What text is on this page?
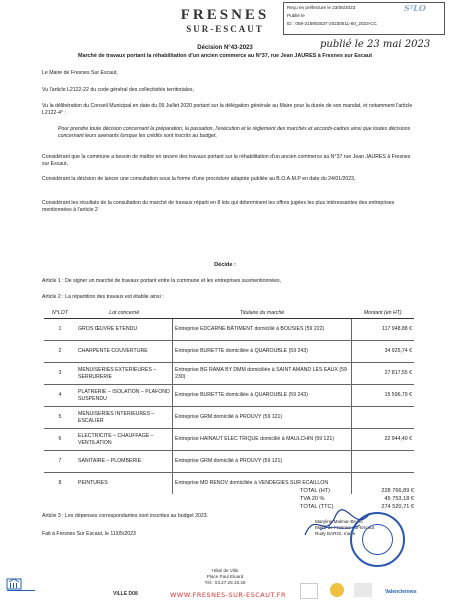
FRESNES
SUR-ESCAUT
Reçu en préfecture le 23/05/2023
Publié le
ID : 059-215902537-20230511-60_2023-CC
S²LO
publié le 23 mai 2023
Décision N°43-2023
Marché de travaux portant la réhabilitation d'un ancien commerce au N°37, rue Jean JAURES à Fresnes sur Escaut
Le Maire de Fresnes Sur Escaut,
Vu l'article L2122-22 du code général des collectivités territoriales,
Vu la délibération du Conseil Municipal en date du 09 Juillet 2020 portant sur la délégation générale au Maire pour la durée de son mandat, et notamment l'article L2122-4° :
Pour prendre toute décision concernant la préparation, la passation, l'exécution et le règlement des marchés et accords-cadres ainsi que toutes décisions concernant leurs avenants lorsque les crédits sont inscrits au budget,
Considérant que la commune a besoin de maître en œuvre des travaux portant sur la réhabilitation d'un ancien commerce au N°37 rue Jean JAURES à Fresnes sur Escaut,
Considérant la décision de lancer une consultation sous la forme d'une procédure adaptée publiée au B.O.A.M.P en date du 24/01/2023,
Considérant les résultats de la consultation du marché de travaux réparti en 8 lots qui déterminent les offres jugées les plus intéressantes des entreprises mentionnées à l'article 2
Décide :
Article 1 : De signer un marché de travaux portant entre la commune et les entreprises susmentionnées,
Article 2 : La répartition des travaux est établie ainsi :
N°LOT	Lot concerné	Titulaire du marché	Montant (en HT)
1	GROS ŒUVRE ETENDU	Entreprise EDCARNE BÂTIMENT domicilié à BOUSIES (59 222)	117 948,88 €
2	CHARPENTE COUVERTURE	Entreprise BURETTE domiciliée à QUAROUBLE (59 243)	34 925,74 €
3	MENUISERIES EXTERIEURES – SERRURERIE	Entreprise BG RAMA BY DMM domiciliée à SAINT AMAND LES EAUX (59 230)	27 817,55 €
4	PLATRERIE – ISOLATION – PLAFOND SUSPENDU	Entreprise BURETTE domiciliée à QUAROUBLE (59 243)	15 596,79 €
5	MENUISERIES INTERIEURES – ESCALIER	Entreprise GRM domicilié à PROUVY (59 121)	
6	ELECTRICITE – CHAUFFAGE – VENTILATION	Entreprise HAINAUT ELEC TRIQUE domicilié à MAULCHIN (59 121)	22 944,40 €
7	SANITAIRE – PLOMBERIE	Entreprise GRM domicilié à PROUVY (59 121)	
8	PEINTURES	Entreprise MD RENOV domiciliée à VENDEGIES SUR ECAILLON	
TOTAL (HT)	228 766,89 €
TVA 20 %	45 753,18 €
TOTAL (TTC)	274 520,71 €
Article 3 : Les dépenses correspondantes sont inscrites au budget 2023.
Fait à Fresnes Sur Escaut, le 11/05/2023
Maryline Malmar-Bruno
Maire de Fresnes-sur-Escaut
Rudy BARGI, maire
Hôtel de Ville
Place Paul Eluard
Tél.: 03.27.28.16.28
VILLE D08	WWW.FRESNES-SUR-ESCAUT.FR	Valenciennes
